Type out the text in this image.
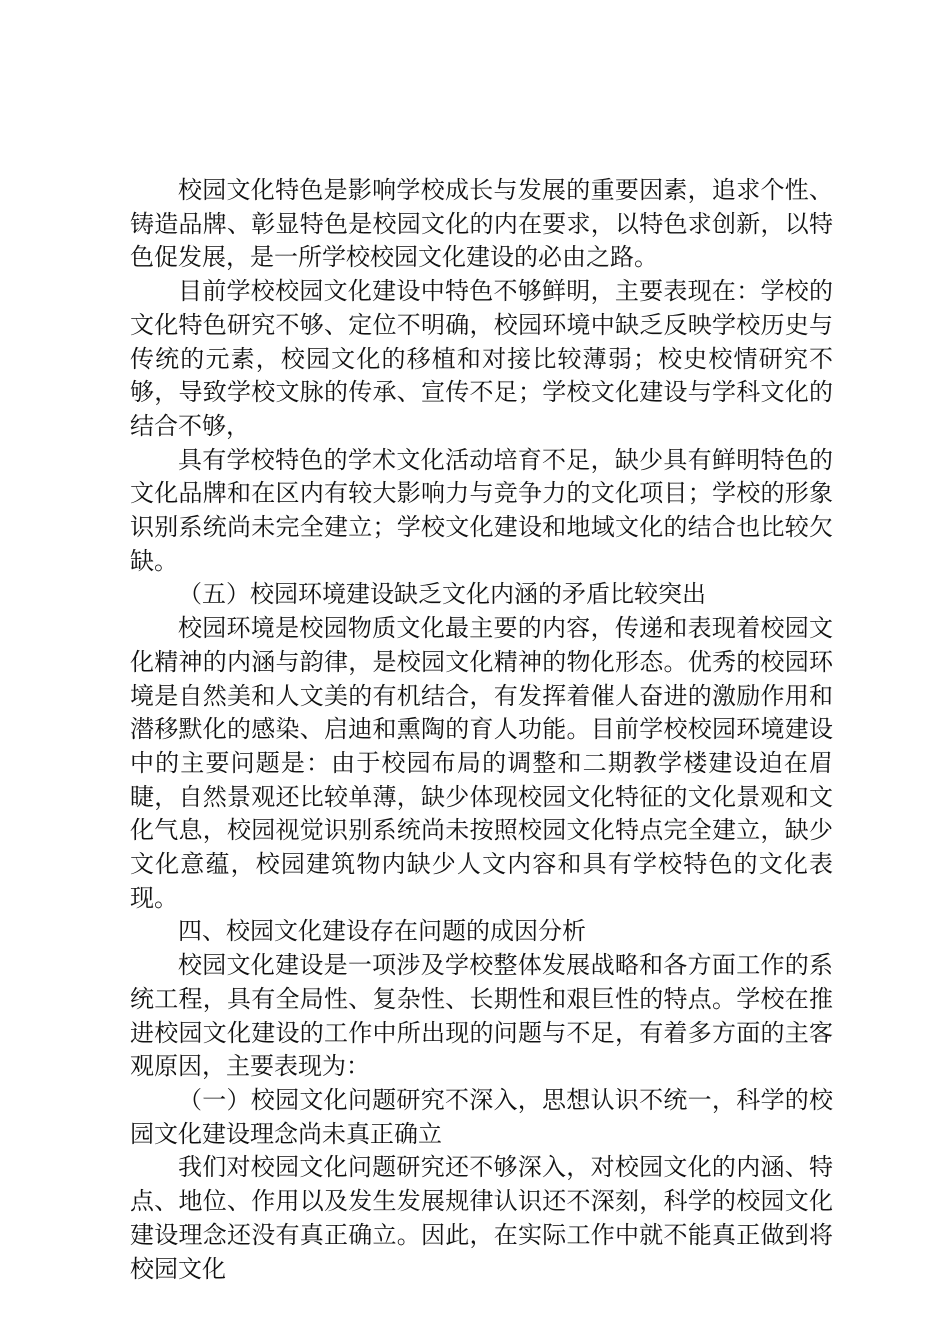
校园文化特色是影响学校成长与发展的重要因素，追求个性、铸造品牌、彰显特色是校园文化的内在要求，以特色求创新，以特色促发展，是一所学校校园文化建设的必由之路。

目前学校校园文化建设中特色不够鲜明，主要表现在：学校的文化特色研究不够、定位不明确，校园环境中缺乏反映学校历史与传统的元素，校园文化的移植和对接比较薄弱；校史校情研究不够，导致学校文脉的传承、宣传不足；学校文化建设与学科文化的结合不够，

具有学校特色的学术文化活动培育不足，缺少具有鲜明特色的文化品牌和在区内有较大影响力与竞争力的文化项目；学校的形象识别系统尚未完全建立；学校文化建设和地域文化的结合也比较欠缺。

（五）校园环境建设缺乏文化内涵的矛盾比较突出

校园环境是校园物质文化最主要的内容，传递和表现着校园文化精神的内涵与韵律，是校园文化精神的物化形态。优秀的校园环境是自然美和人文美的有机结合，有发挥着催人奋进的激励作用和潜移默化的感染、启迪和熏陶的育人功能。目前学校校园环境建设中的主要问题是：由于校园布局的调整和二期教学楼建设迫在眉睫，自然景观还比较单薄，缺少体现校园文化特征的文化景观和文化气息，校园视觉识别系统尚未按照校园文化特点完全建立，缺少文化意蕴，校园建筑物内缺少人文内容和具有学校特色的文化表现。

四、校园文化建设存在问题的成因分析

校园文化建设是一项涉及学校整体发展战略和各方面工作的系统工程，具有全局性、复杂性、长期性和艰巨性的特点。学校在推进校园文化建设的工作中所出现的问题与不足，有着多方面的主客观原因，主要表现为：

（一）校园文化问题研究不深入，思想认识不统一，科学的校园文化建设理念尚未真正确立

我们对校园文化问题研究还不够深入，对校园文化的内涵、特点、地位、作用以及发生发展规律认识还不深刻，科学的校园文化建设理念还没有真正确立。因此，在实际工作中就不能真正做到将校园文化
